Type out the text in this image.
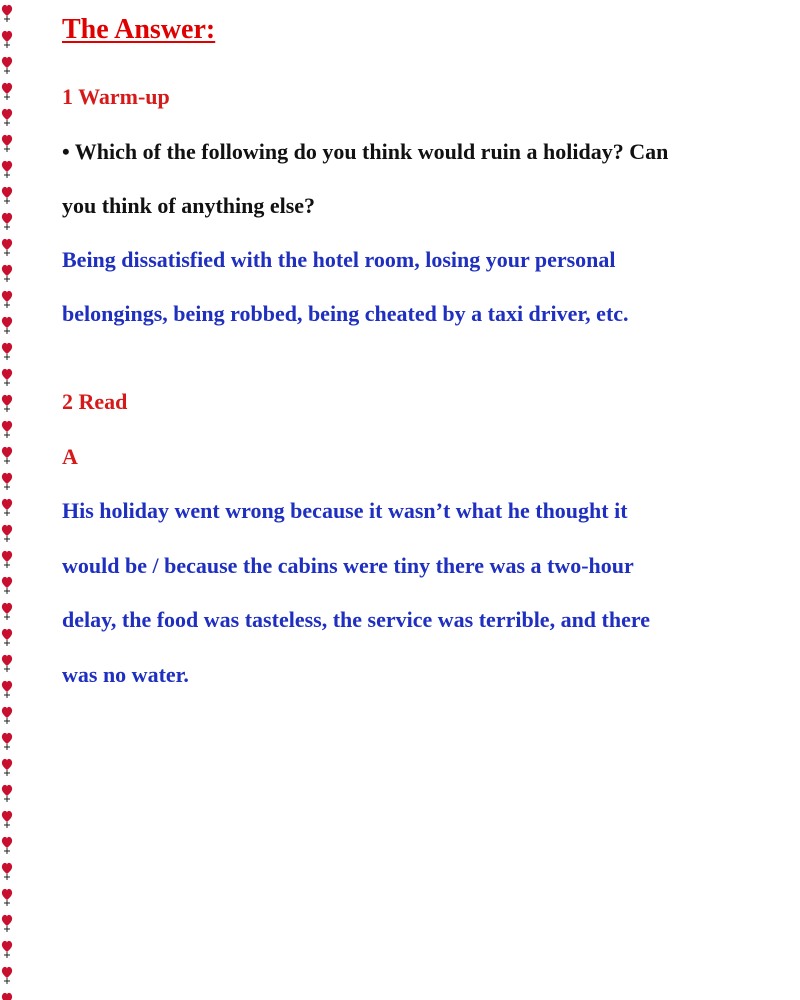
The Answer:
1 Warm-up
• Which of the following do you think would ruin a holiday? Can
you think of anything else?
Being dissatisfied with the hotel room, losing your personal
belongings, being robbed, being cheated by a taxi driver, etc.
2 Read
A
His holiday went wrong because it wasn’t what he thought it
would be / because the cabins were tiny there was a two-hour
delay, the food was tasteless, the service was terrible, and there
was no water.
